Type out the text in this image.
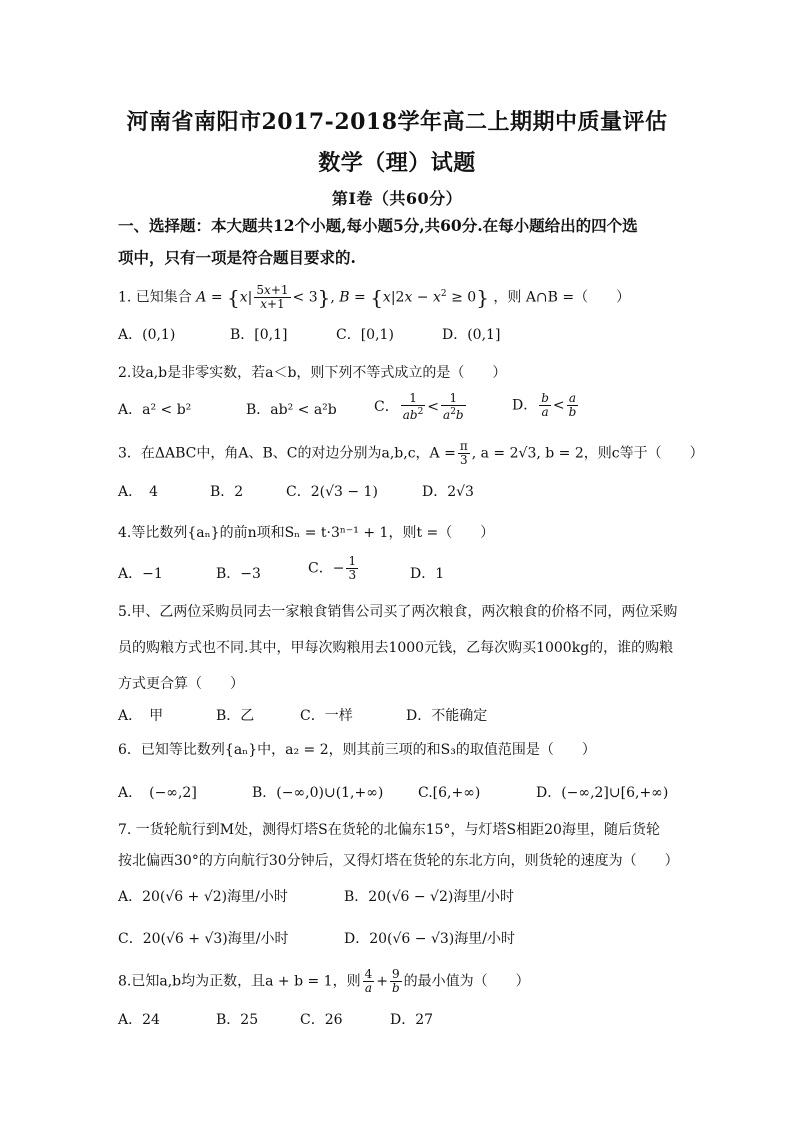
河南省南阳市2017-2018学年高二上期期中质量评估
数学（理）试题
第Ⅰ卷（共60分）
一、选择题：本大题共12个小题,每小题5分,共60分.在每小题给出的四个选
项中，只有一项是符合题目要求的.
1. 已知集合 $A = \{x| \frac{5x+1}{x+1} < 3\}$, $B = \{x|2x - x^2 \ge 0\}$ ，则 A∩B =（　　）
A．(0,1)	B．[0,1]	C．[0,1)	D．(0,1]
2.设a,b是非零实数，若a＜b，则下列不等式成立的是（　　）
A．a² < b²	B．ab² < a²b	C． $\frac{1}{ab^2} < \frac{1}{a^2b}$	D． $\frac{b}{a} < \frac{a}{b}$
3．在ΔABC中，角A、B、C的对边分别为a,b,c，$A = \frac{\pi}{3}$ , a = 2√3, b = 2，则c等于（　　）
A．　4	B．2	C．2(√3 − 1)	D．2√3
4.等比数列{aₙ}的前n项和Sₙ = t·3ⁿ⁻¹ + 1，则t =（　　）
A．−1	B．−3	C．− $\frac{1}{3}$	D．1
5.甲、乙两位采购员同去一家粮食销售公司买了两次粮食，两次粮食的价格不同，两位采购
员的购粮方式也不同.其中，甲每次购粮用去1000元钱，乙每次购买1000kg的，谁的购粮
方式更合算（　　）
A．　甲	B．乙	C．一样	D．不能确定
6．已知等比数列{aₙ}中，a₂ = 2，则其前三项的和S₃的取值范围是（　　）
A．　(−∞,2]	B．(−∞,0)∪(1,+∞) C.[6,+∞)	D．(−∞,2]∪[6,+∞)
7. 一货轮航行到M处，测得灯塔S在货轮的北偏东15°，与灯塔S相距20海里，随后货轮
按北偏西30°的方向航行30分钟后，又得灯塔在货轮的东北方向，则货轮的速度为（　　）
A．20(√6 + √2)海里/小时	B．20(√6 − √2)海里/小时
C．20(√6 + √3)海里/小时	D．20(√6 − √3)海里/小时
8.已知a,b均为正数，且a + b = 1，则 $\frac{4}{a} + \frac{9}{b}$ 的最小值为（　　）
A．24	B．25	C．26	D．27
